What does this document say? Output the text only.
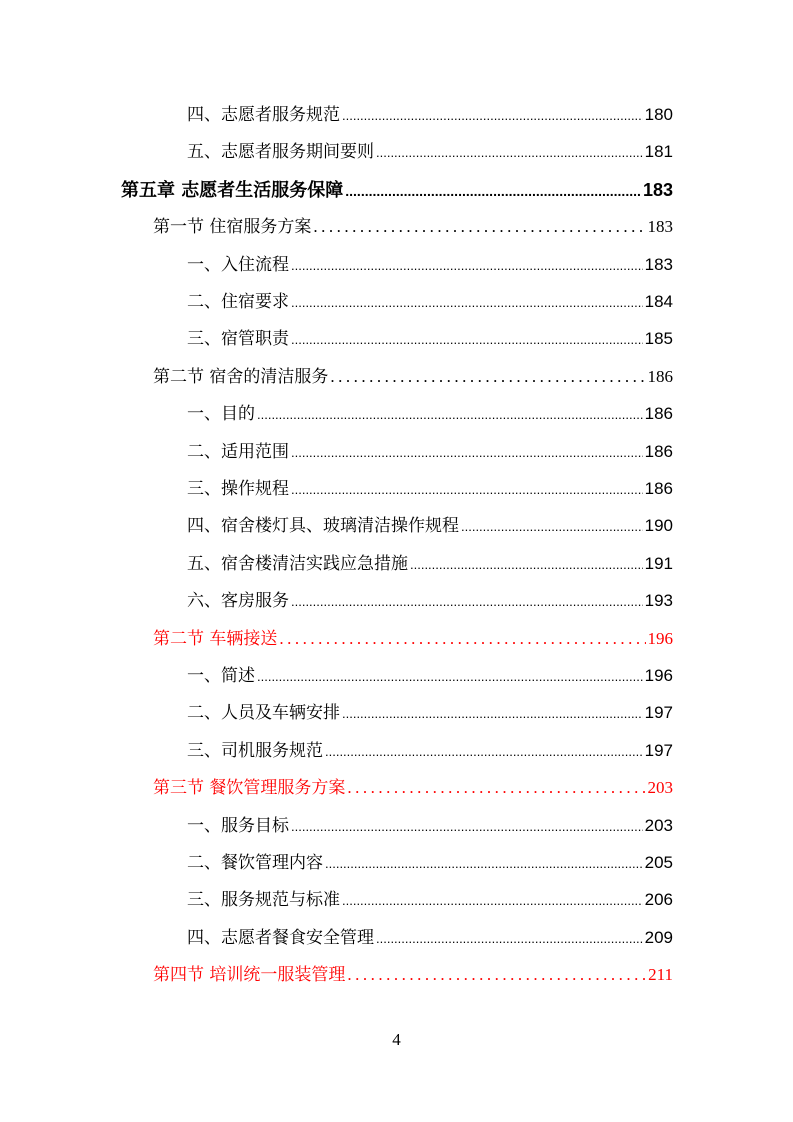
四、志愿者服务规范 .....	180
五、志愿者服务期间要则 .....	181
第五章 志愿者生活服务保障 .....	183
第一节 住宿服务方案 .....	183
一、入住流程 .....	183
二、住宿要求 .....	184
三、宿管职责 .....	185
第二节 宿舍的清洁服务 .....	186
一、目的 .....	186
二、适用范围 .....	186
三、操作规程 .....	186
四、宿舍楼灯具、玻璃清洁操作规程 .....	190
五、宿舍楼清洁实践应急措施 .....	191
六、客房服务 .....	193
第二节 车辆接送 .....	196
一、简述 .....	196
二、人员及车辆安排 .....	197
三、司机服务规范 .....	197
第三节 餐饮管理服务方案 .....	203
一、服务目标 .....	203
二、餐饮管理内容 .....	205
三、服务规范与标准 .....	206
四、志愿者餐食安全管理 .....	209
第四节 培训统一服装管理 .....	211
4
